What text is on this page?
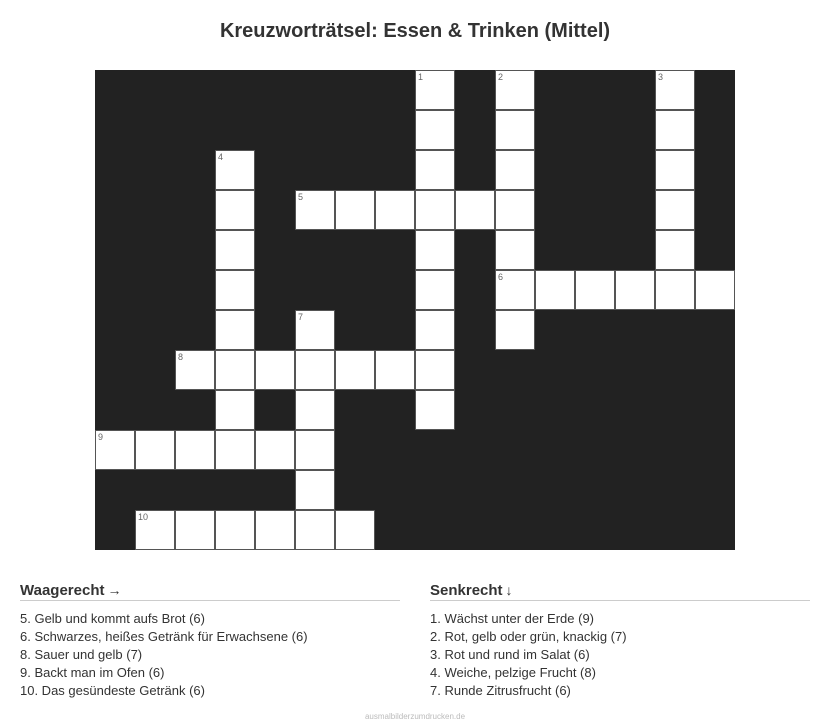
Kreuzworträtsel: Essen & Trinken (Mittel)
1	2	3
4
5
6
7
8
9
10
Waagerecht →
5. Gelb und kommt aufs Brot (6)
6. Schwarzes, heißes Getränk für Erwachsene (6)
8. Sauer und gelb (7)
9. Backt man im Ofen (6)
10. Das gesündeste Getränk (6)
Senkrecht ↓
1. Wächst unter der Erde (9)
2. Rot, gelb oder grün, knackig (7)
3. Rot und rund im Salat (6)
4. Weiche, pelzige Frucht (8)
7. Runde Zitrusfrucht (6)
ausmalbilderzumdrucken.de
